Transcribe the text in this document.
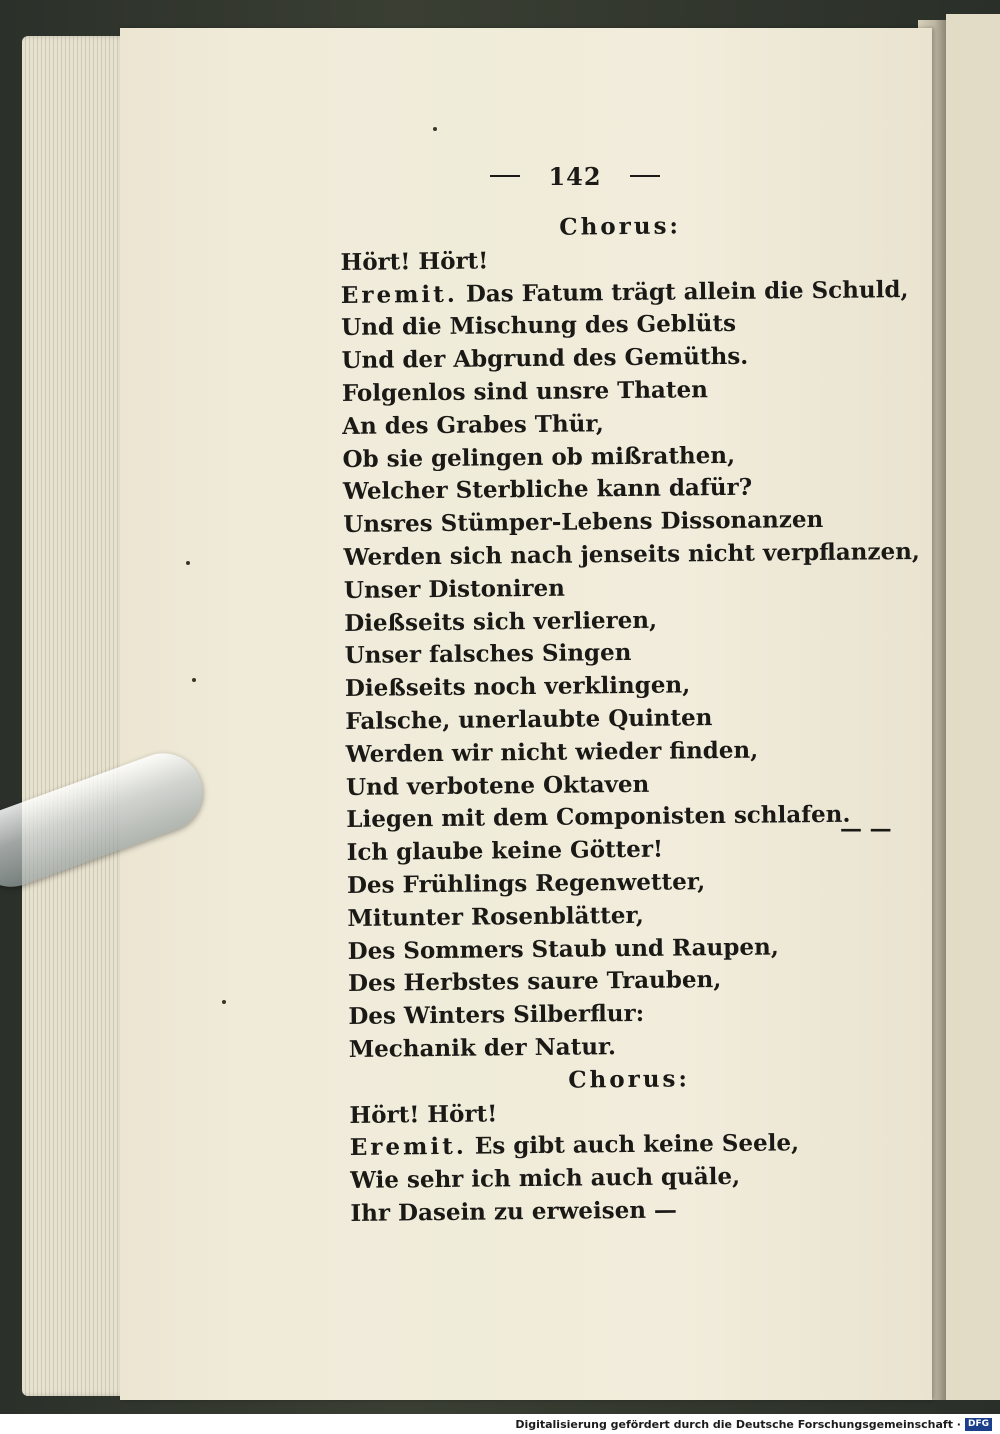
142
Chorus:
Hört! Hört!
Eremit. Das Fatum trägt allein die Schuld,
Und die Mischung des Geblüts
Und der Abgrund des Gemüths.
Folgenlos sind unsre Thaten
An des Grabes Thür,
Ob sie gelingen ob mißrathen,
Welcher Sterbliche kann dafür?
Unsres Stümper-Lebens Dissonanzen
Werden sich nach jenseits nicht verpflanzen,
Unser Distoniren
Dießseits sich verlieren,
Unser falsches Singen
Dießseits noch verklingen,
Falsche, unerlaubte Quinten
Werden wir nicht wieder finden,
Und verbotene Oktaven
Liegen mit dem Componisten schlafen.
Ich glaube keine Götter!
Des Frühlings Regenwetter,
Mitunter Rosenblätter,
Des Sommers Staub und Raupen,
Des Herbstes saure Trauben,
Des Winters Silberflur:
Mechanik der Natur.
Chorus:
Hört! Hört!
Eremit. Es gibt auch keine Seele,
Wie sehr ich mich auch quäle,
Ihr Dasein zu erweisen —
— —
Digitalisierung gefördert durch die Deutsche Forschungsgemeinschaft · DFG
